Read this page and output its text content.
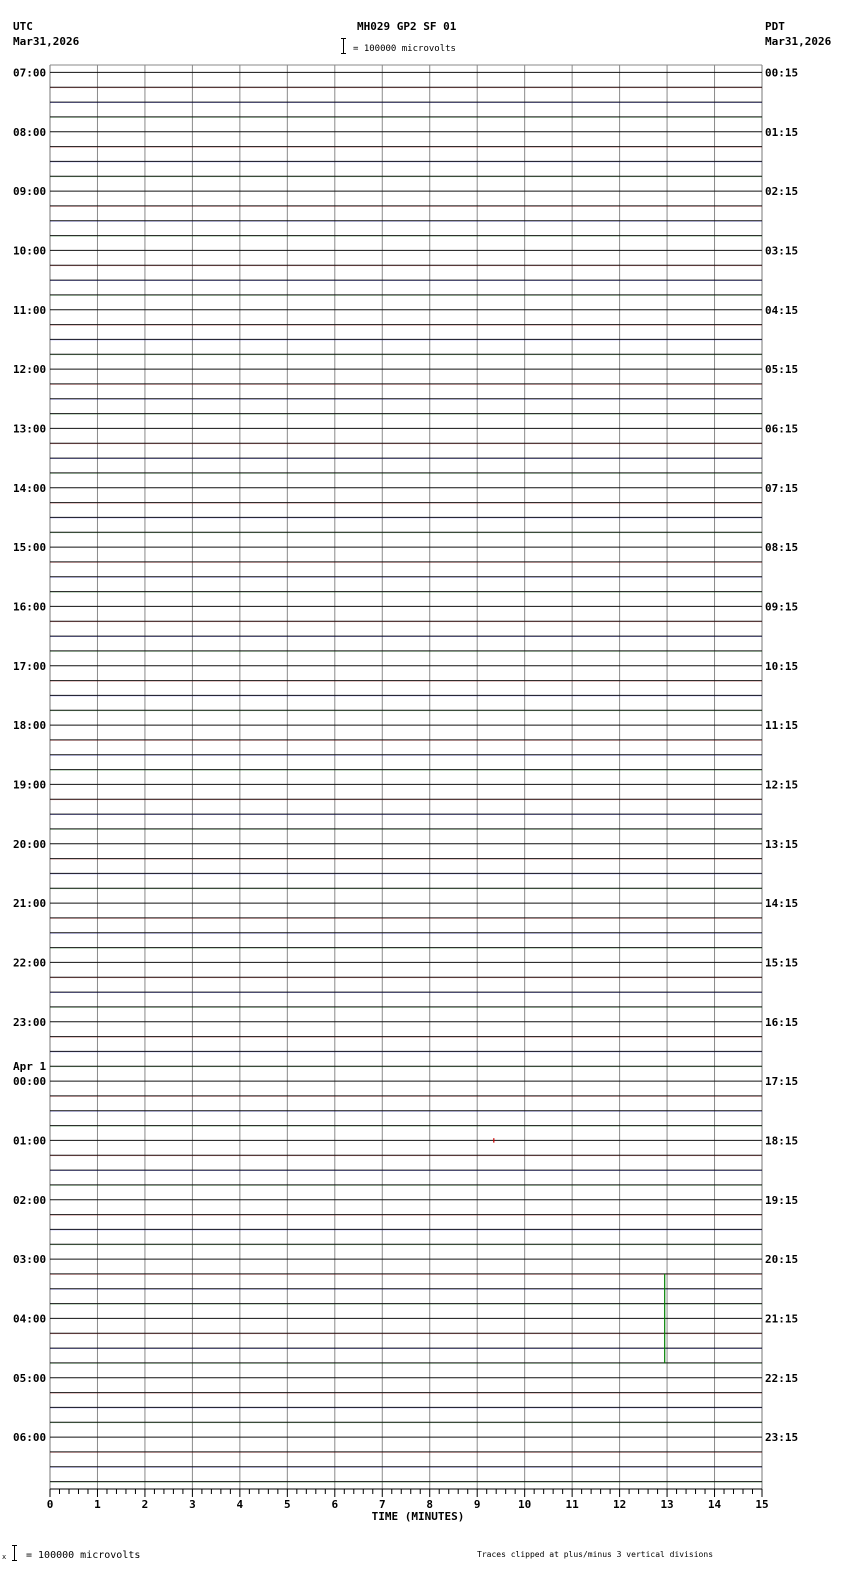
UTC
Mar31,2026
MH029 GP2 SF 01
= 100000 microvolts
PDT
Mar31,2026
07:00	00:15
08:00	01:15
09:00	02:15
10:00	03:15
11:00	04:15
12:00	05:15
13:00	06:15
14:00	07:15
15:00	08:15
16:00	09:15
17:00	10:15
18:00	11:15
19:00	12:15
20:00	13:15
21:00	14:15
22:00	15:15
23:00	16:15
00:00	17:15
Apr 1
01:00	18:15
02:00	19:15
03:00	20:15
04:00	21:15
05:00	22:15
06:00	23:15
0	1	2	3	4	5	6	7	8	9	10	11	12	13	14	15
TIME (MINUTES)
x = 100000 microvolts	Traces clipped at plus/minus 3 vertical divisions
